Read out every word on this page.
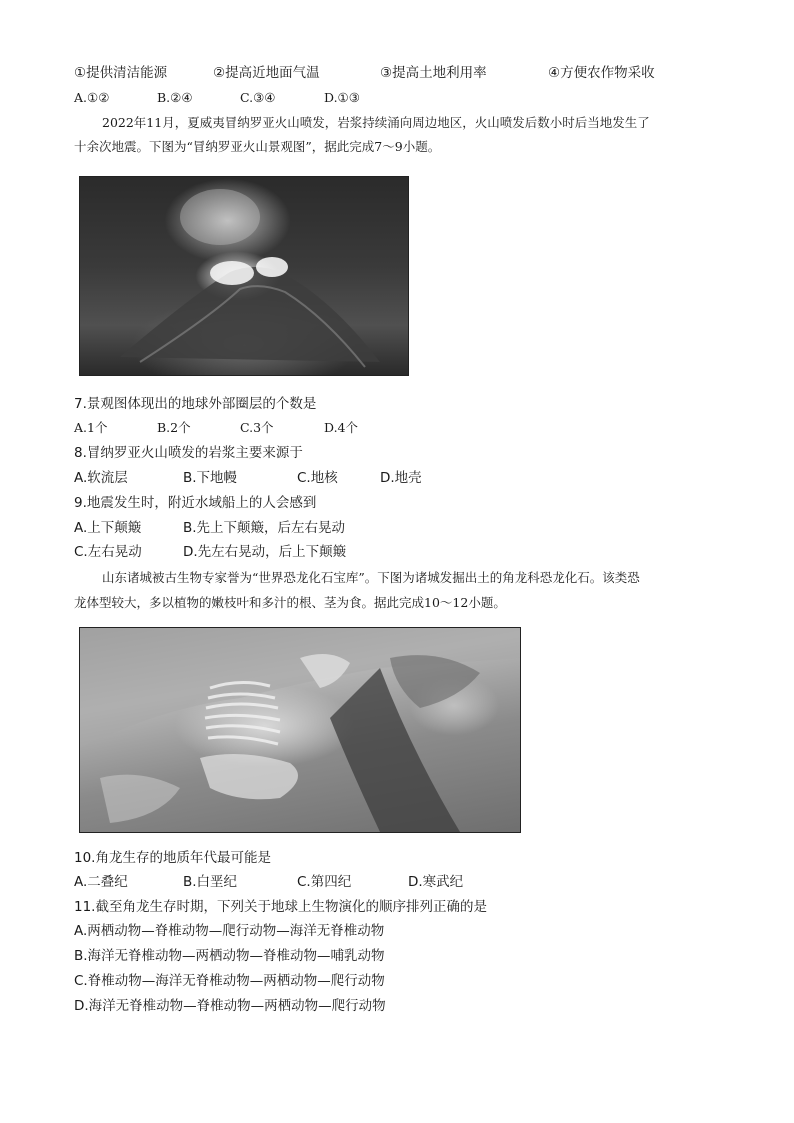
①提供清洁能源	②提高近地面气温	③提高土地利用率	④方便农作物采收
A.①②	B.②④	C.③④	D.①③
2022年11月，夏威夷冒纳罗亚火山喷发，岩浆持续涌向周边地区，火山喷发后数小时后当地发生了
十余次地震。下图为“冒纳罗亚火山景观图”，据此完成7～9小题。
7.景观图体现出的地球外部圈层的个数是
A.1个	B.2个	C.3个	D.4个
8.冒纳罗亚火山喷发的岩浆主要来源于
A.软流层	B.下地幔	C.地核	D.地壳
9.地震发生时，附近水域船上的人会感到
A.上下颠簸	B.先上下颠簸，后左右晃动
C.左右晃动	D.先左右晃动，后上下颠簸
山东诸城被古生物专家誉为“世界恐龙化石宝库”。下图为诸城发掘出土的角龙科恐龙化石。该类恐
龙体型较大，多以植物的嫩枝叶和多汁的根、茎为食。据此完成10～12小题。
10.角龙生存的地质年代最可能是
A.二叠纪	B.白垩纪	C.第四纪	D.寒武纪
11.截至角龙生存时期，下列关于地球上生物演化的顺序排列正确的是
A.两栖动物—脊椎动物—爬行动物—海洋无脊椎动物
B.海洋无脊椎动物—两栖动物—脊椎动物—哺乳动物
C.脊椎动物—海洋无脊椎动物—两栖动物—爬行动物
D.海洋无脊椎动物—脊椎动物—两栖动物—爬行动物
